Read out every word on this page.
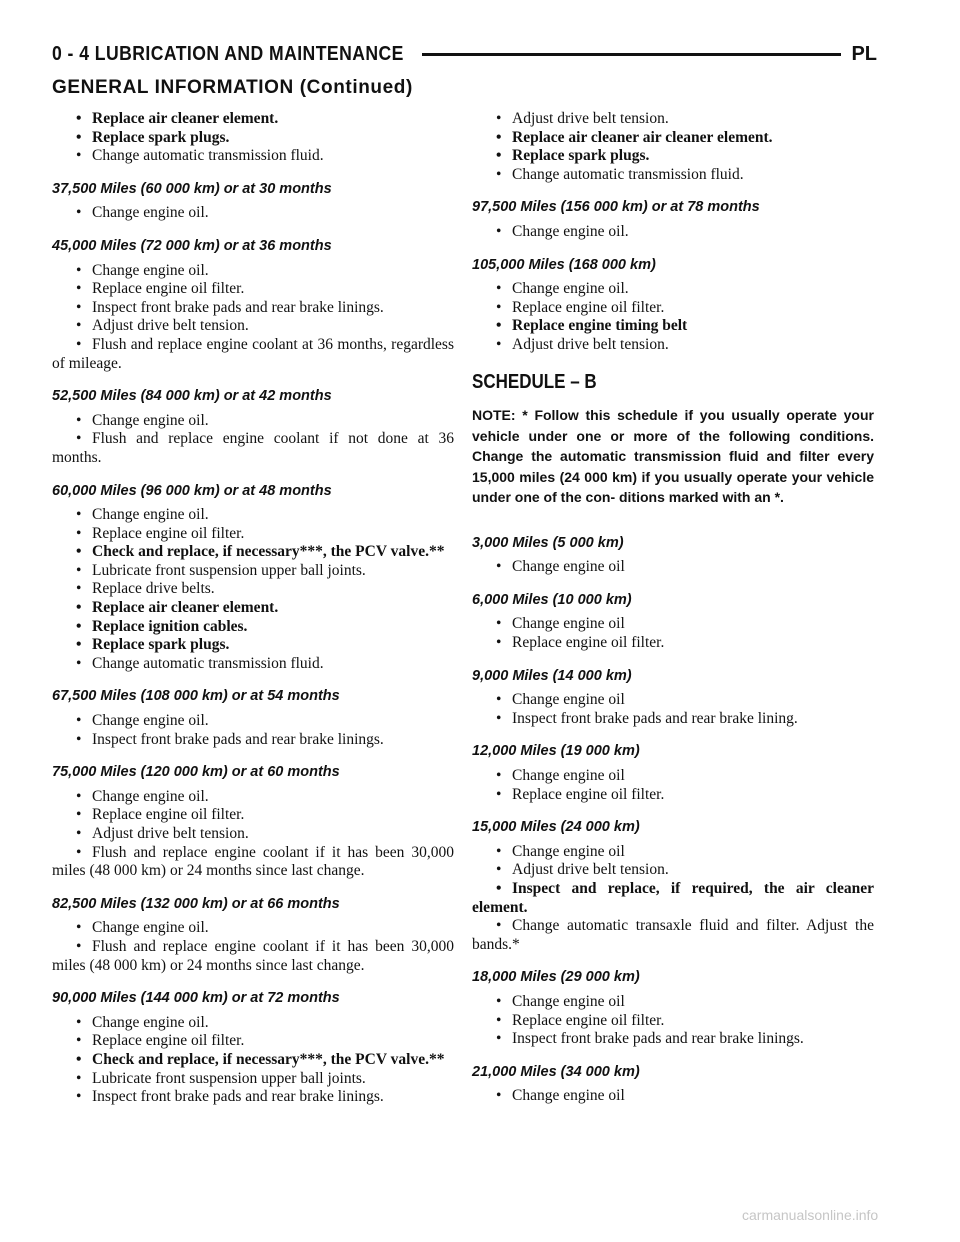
0 - 4 LUBRICATION AND MAINTENANCE	PL
GENERAL INFORMATION (Continued)

• Replace air cleaner element.

• Replace spark plugs.

• Change automatic transmission fluid.

37,500 Miles (60 000 km) or at 30 months

• Change engine oil.

45,000 Miles (72 000 km) or at 36 months

• Change engine oil.

• Replace engine oil filter.

• Inspect front brake pads and rear brake linings.

• Adjust drive belt tension.

• Flush and replace engine coolant at 36 months, regardless of mileage.

52,500 Miles (84 000 km) or at 42 months

• Change engine oil.

• Flush and replace engine coolant if not done at 36 months.

60,000 Miles (96 000 km) or at 48 months

• Change engine oil.

• Replace engine oil filter.

• Check and replace, if necessary***, the PCV valve.**

• Lubricate front suspension upper ball joints.

• Replace drive belts.

• Replace air cleaner element.

• Replace ignition cables.

• Replace spark plugs.

• Change automatic transmission fluid.

67,500 Miles (108 000 km) or at 54 months

• Change engine oil.

• Inspect front brake pads and rear brake linings.

75,000 Miles (120 000 km) or at 60 months

• Change engine oil.

• Replace engine oil filter.

• Adjust drive belt tension.

• Flush and replace engine coolant if it has been 30,000 miles (48 000 km) or 24 months since last change.

82,500 Miles (132 000 km) or at 66 months

• Change engine oil.

• Flush and replace engine coolant if it has been 30,000 miles (48 000 km) or 24 months since last change.

90,000 Miles (144 000 km) or at 72 months

• Change engine oil.

• Replace engine oil filter.

• Check and replace, if necessary***, the PCV valve.**

• Lubricate front suspension upper ball joints.

• Inspect front brake pads and rear brake linings.

• Adjust drive belt tension.

• Replace air cleaner air cleaner element.

• Replace spark plugs.

• Change automatic transmission fluid.

97,500 Miles (156 000 km) or at 78 months

• Change engine oil.

105,000 Miles (168 000 km)

• Change engine oil.

• Replace engine oil filter.

• Replace engine timing belt

• Adjust drive belt tension.

SCHEDULE – B
NOTE: * Follow this schedule if you usually operate your vehicle under one or more of the following conditions. Change the automatic transmission fluid and filter every 15,000 miles (24 000 km) if you usually operate your vehicle under one of the con- ditions marked with an *.
3,000 Miles (5 000 km)

• Change engine oil

6,000 Miles (10 000 km)

• Change engine oil

• Replace engine oil filter.

9,000 Miles (14 000 km)

• Change engine oil

• Inspect front brake pads and rear brake lining.

12,000 Miles (19 000 km)

• Change engine oil

• Replace engine oil filter.

15,000 Miles (24 000 km)

• Change engine oil

• Adjust drive belt tension.

• Inspect and replace, if required, the air cleaner element.

• Change automatic transaxle fluid and filter. Adjust the bands.*

18,000 Miles (29 000 km)

• Change engine oil

• Replace engine oil filter.

• Inspect front brake pads and rear brake linings.

21,000 Miles (34 000 km)

• Change engine oil

carmanualsonline.info
